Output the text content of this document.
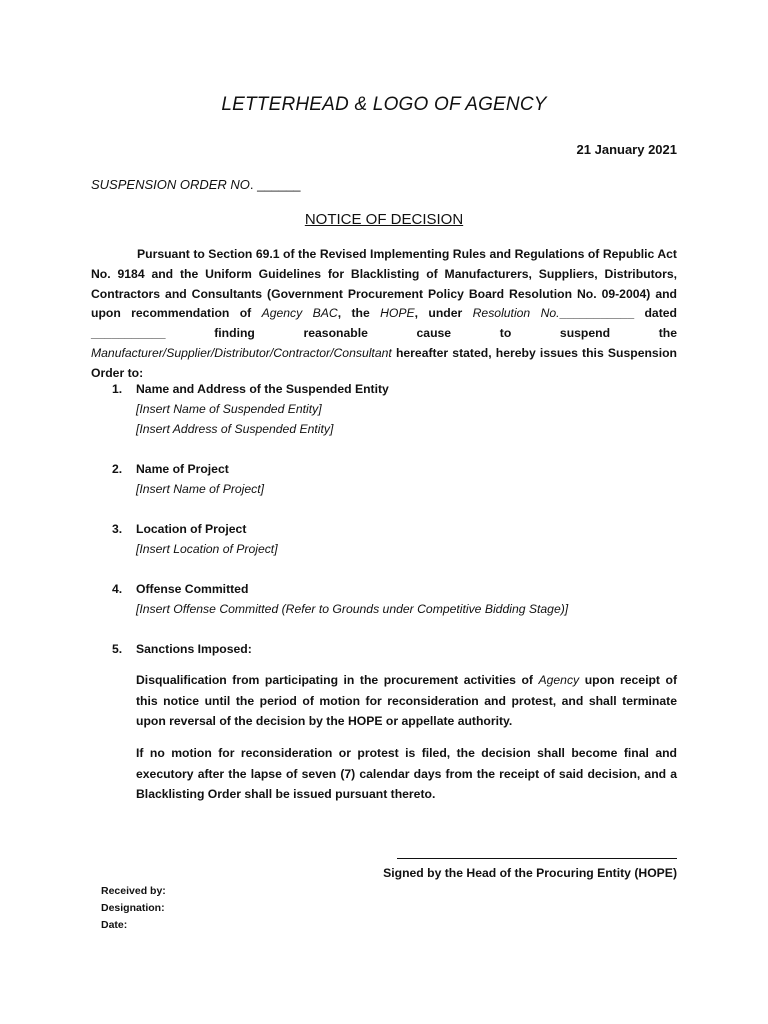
LETTERHEAD & LOGO OF AGENCY
21 January 2021
SUSPENSION ORDER NO. ______
NOTICE OF DECISION
Pursuant to Section 69.1 of the Revised Implementing Rules and Regulations of Republic Act No. 9184 and the Uniform Guidelines for Blacklisting of Manufacturers, Suppliers, Distributors, Contractors and Consultants (Government Procurement Policy Board Resolution No. 09-2004) and upon recommendation of Agency BAC, the HOPE, under Resolution No.___________ dated ___________ finding reasonable cause to suspend the Manufacturer/Supplier/Distributor/Contractor/Consultant hereafter stated, hereby issues this Suspension Order to:
1. Name and Address of the Suspended Entity
[Insert Name of Suspended Entity]
[Insert Address of Suspended Entity]
2. Name of Project
[Insert Name of Project]
3. Location of Project
[Insert Location of Project]
4. Offense Committed
[Insert Offense Committed (Refer to Grounds under Competitive Bidding Stage)]
5. Sanctions Imposed:
Disqualification from participating in the procurement activities of Agency upon receipt of this notice until the period of motion for reconsideration and protest, and shall terminate upon reversal of the decision by the HOPE or appellate authority.
If no motion for reconsideration or protest is filed, the decision shall become final and executory after the lapse of seven (7) calendar days from the receipt of said decision, and a Blacklisting Order shall be issued pursuant thereto.
Signed by the Head of the Procuring Entity (HOPE)
Received by:
Designation:
Date:
